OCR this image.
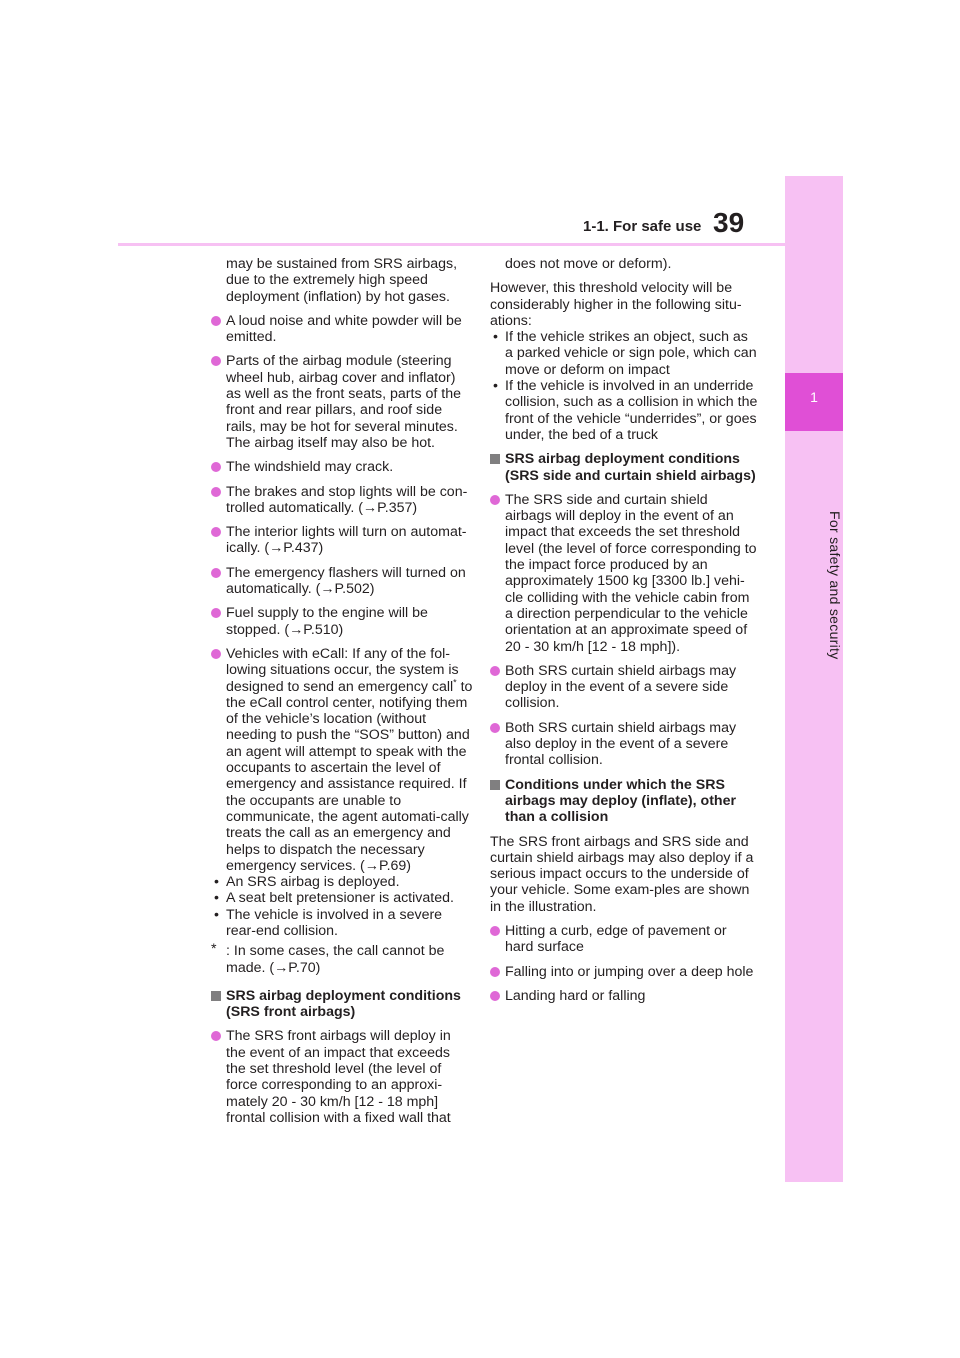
1
For safety and security
1-1. For safe use 39

may be sustained from SRS airbags, due to the extremely high speed deployment (inflation) by hot gases.

A loud noise and white powder will be emitted.
Parts of the airbag module (steering wheel hub, airbag cover and inflator) as well as the front seats, parts of the front and rear pillars, and roof side rails, may be hot for several minutes. The airbag itself may also be hot.
The windshield may crack.
The brakes and stop lights will be con-trolled automatically. (→P.357)
The interior lights will turn on automat-ically. (→P.437)
The emergency flashers will turned on automatically. (→P.502)
Fuel supply to the engine will be stopped. (→P.510)
Vehicles with eCall: If any of the fol-lowing situations occur, the system is designed to send an emergency call* to the eCall control center, notifying them of the vehicle’s location (without needing to push the “SOS” button) and an agent will attempt to speak with the occupants to ascertain the level of emergency and assistance required. If the occupants are unable to communicate, the agent automati-cally treats the call as an emergency and helps to dispatch the necessary emergency services. (→P.69)
• An SRS airbag is deployed.
• A seat belt pretensioner is activated.
• The vehicle is involved in a severe rear-end collision.
* : In some cases, the call cannot be made. (→P.70)
SRS airbag deployment conditions (SRS front airbags)
The SRS front airbags will deploy in the event of an impact that exceeds the set threshold level (the level of force corresponding to an approxi-mately 20 - 30 km/h [12 - 18 mph] frontal collision with a fixed wall that

does not move or deform).

However, this threshold velocity will be considerably higher in the following situ-ations:

• If the vehicle strikes an object, such as a parked vehicle or sign pole, which can move or deform on impact
• If the vehicle is involved in an underride collision, such as a collision in which the front of the vehicle “underrides”, or goes under, the bed of a truck
SRS airbag deployment conditions (SRS side and curtain shield airbags)
The SRS side and curtain shield airbags will deploy in the event of an impact that exceeds the set threshold level (the level of force corresponding to the impact force produced by an approximately 1500 kg [3300 lb.] vehi-cle colliding with the vehicle cabin from a direction perpendicular to the vehicle orientation at an approximate speed of 20 - 30 km/h [12 - 18 mph]).
Both SRS curtain shield airbags may deploy in the event of a severe side collision.
Both SRS curtain shield airbags may also deploy in the event of a severe frontal collision.
Conditions under which the SRS airbags may deploy (inflate), other than a collision

The SRS front airbags and SRS side and curtain shield airbags may also deploy if a serious impact occurs to the underside of your vehicle. Some exam-ples are shown in the illustration.

Hitting a curb, edge of pavement or hard surface
Falling into or jumping over a deep hole
Landing hard or falling
